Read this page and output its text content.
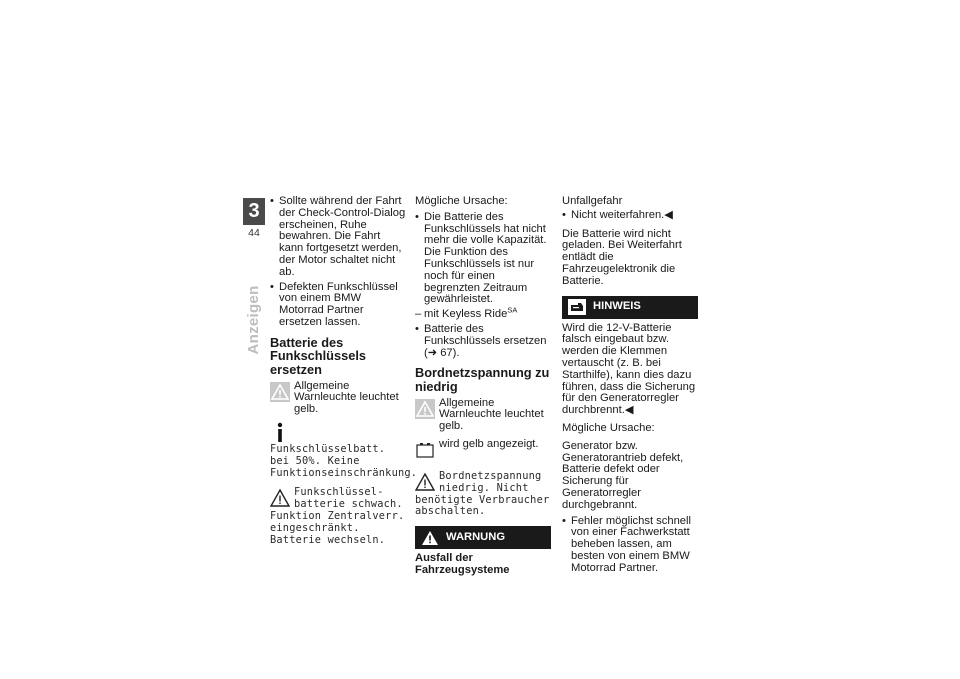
3
44
Anzeigen
• Sollte während der Fahrt der Check-Control-Dialog erscheinen, Ruhe bewahren. Die Fahrt kann fortgesetzt werden, der Motor schaltet nicht ab.
• Defekten Funkschlüssel von einem BMW Motorrad Partner ersetzen lassen.
Batterie des Funkschlüssels ersetzen
Allgemeine Warnleuchte leuchtet gelb.
Funkschlüsselbatt. bei 50%. Keine Funktionseinschränkung.
Funkschlüssel- batterie schwach. Funktion Zentralverr. eingeschränkt. Batterie wechseln.
Mögliche Ursache:
• Die Batterie des Funkschlüssels hat nicht mehr die volle Kapazität. Die Funktion des Funkschlüssels ist nur noch für einen begrenzten Zeitraum gewährleistet.
– mit Keyless Ride$^{SA}$
• Batterie des Funkschlüssels ersetzen (➜ 67).
Bordnetzspannung zu niedrig
Allgemeine Warnleuchte leuchtet gelb.
wird gelb angezeigt.
Bordnetzspannung niedrig. Nicht benötigte Verbraucher abschalten.
WARNUNG
Ausfall der Fahrzeugsysteme
Unfallgefahr
• Nicht weiterfahren.◀
Die Batterie wird nicht geladen. Bei Weiterfahrt entlädt die Fahrzeugelektronik die Batterie.
HINWEIS
Wird die 12-V-Batterie falsch eingebaut bzw. werden die Klemmen vertauscht (z. B. bei Starthilfe), kann dies dazu führen, dass die Sicherung für den Generatorregler durchbrennt.◀
Mögliche Ursache:
Generator bzw. Generatorantrieb defekt, Batterie defekt oder Sicherung für Generatorregler durchgebrannt.
• Fehler möglichst schnell von einer Fachwerkstatt beheben lassen, am besten von einem BMW Motorrad Partner.
